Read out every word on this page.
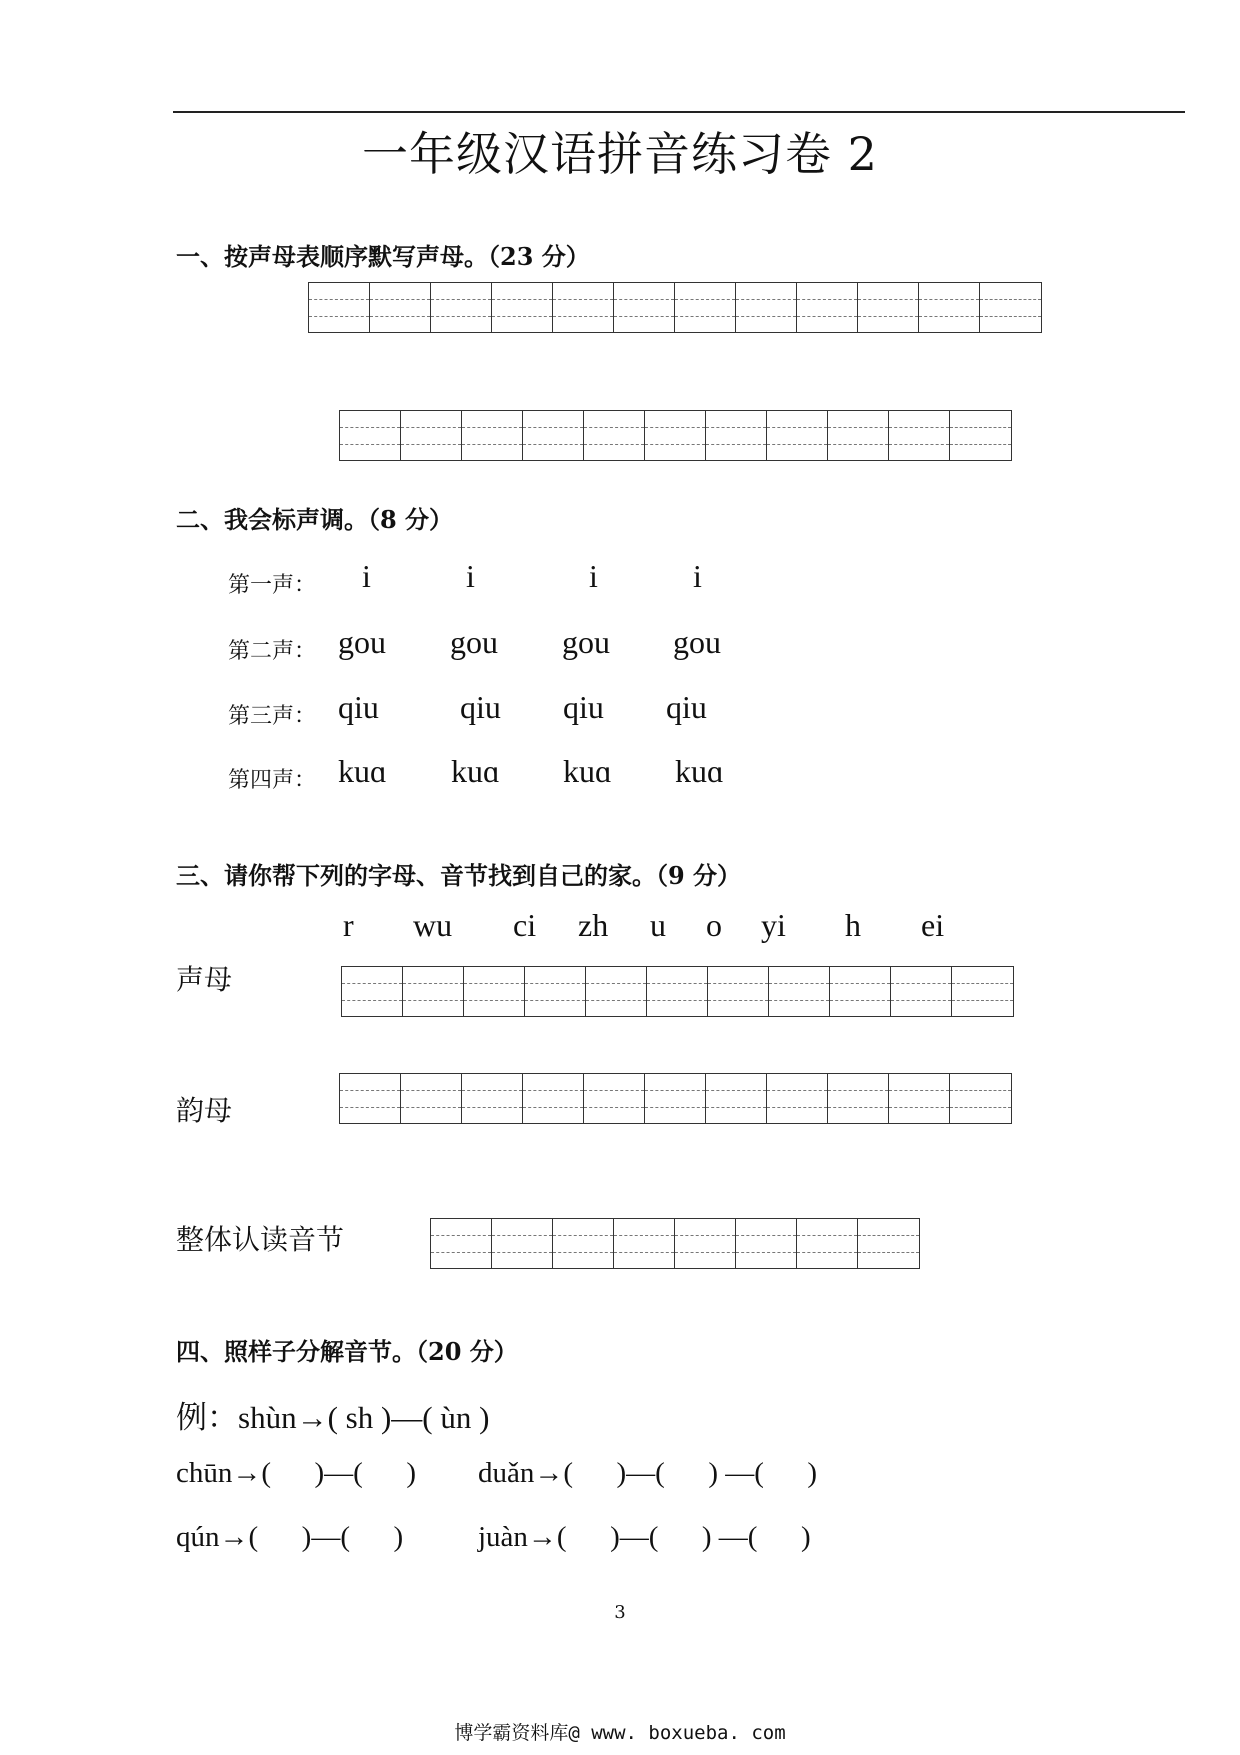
一年级汉语拼音练习卷 2
一、按声母表顺序默写声母。（23 分）
二、我会标声调。（8 分）
第一声： i	i	i	i
第二声： gou gou gou gou
第三声： qiu	qiu qiu qiu
第四声： kuɑ kuɑ kuɑ kuɑ
三、请你帮下列的字母、音节找到自己的家。（9 分）
r wu ci zh u o yi h ei
声母
韵母
整体认读音节
四、照样子分解音节。（20 分）
例：shùn→( sh )—( ùn )
chūn→(      )—(      ) duǎn→(      )—(      ) —(      )
qún→(      )—(      )	juàn→(      )—(      ) —(      )
3
博学霸资料库@ www. boxueba. com
